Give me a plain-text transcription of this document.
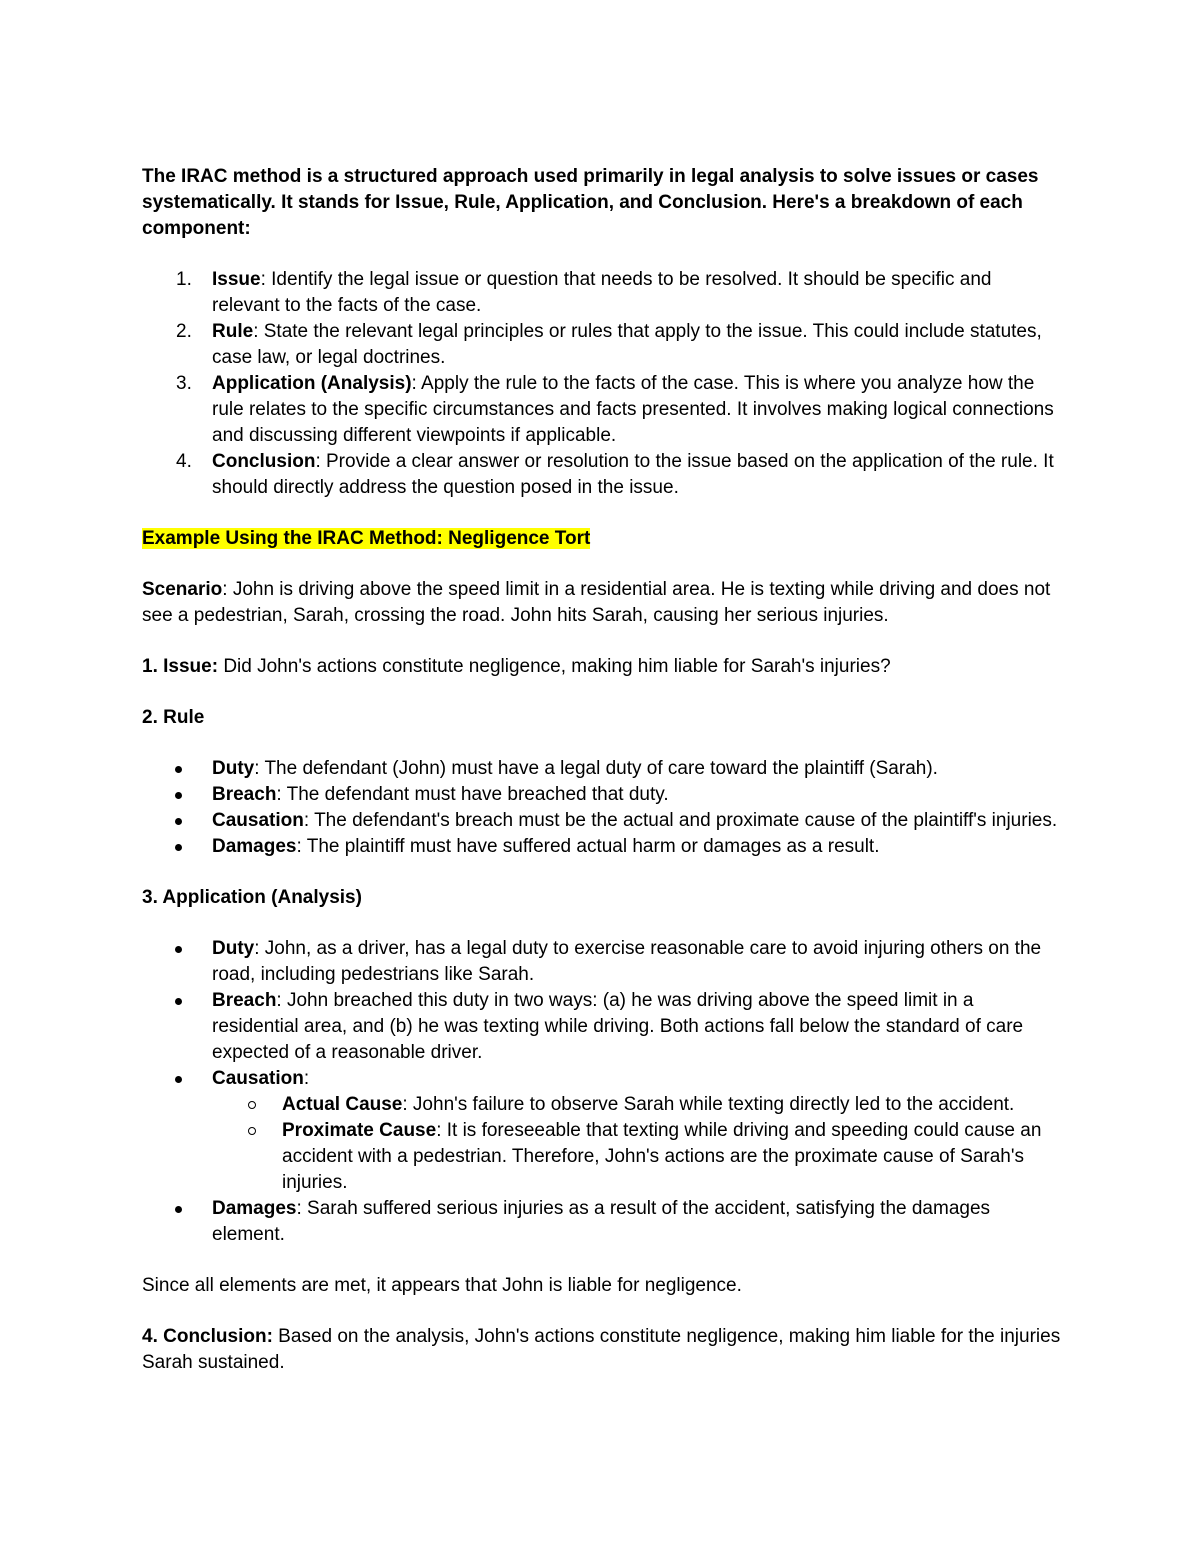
The IRAC method is a structured approach used primarily in legal analysis to solve issues or cases systematically. It stands for Issue, Rule, Application, and Conclusion. Here's a breakdown of each component:

1. Issue: Identify the legal issue or question that needs to be resolved. It should be specific and relevant to the facts of the case.
2. Rule: State the relevant legal principles or rules that apply to the issue. This could include statutes, case law, or legal doctrines.
3. Application (Analysis): Apply the rule to the facts of the case. This is where you analyze how the rule relates to the specific circumstances and facts presented. It involves making logical connections and discussing different viewpoints if applicable.
4. Conclusion: Provide a clear answer or resolution to the issue based on the application of the rule. It should directly address the question posed in the issue.

Example Using the IRAC Method: Negligence Tort

Scenario: John is driving above the speed limit in a residential area. He is texting while driving and does not see a pedestrian, Sarah, crossing the road. John hits Sarah, causing her serious injuries.

1. Issue: Did John's actions constitute negligence, making him liable for Sarah's injuries?

2. Rule

Duty: The defendant (John) must have a legal duty of care toward the plaintiff (Sarah).
Breach: The defendant must have breached that duty.
Causation: The defendant's breach must be the actual and proximate cause of the plaintiff's injuries.
Damages: The plaintiff must have suffered actual harm or damages as a result.

3. Application (Analysis)

Duty: John, as a driver, has a legal duty to exercise reasonable care to avoid injuring others on the road, including pedestrians like Sarah.
Breach: John breached this duty in two ways: (a) he was driving above the speed limit in a residential area, and (b) he was texting while driving. Both actions fall below the standard of care expected of a reasonable driver.
Causation:
Actual Cause: John's failure to observe Sarah while texting directly led to the accident.
Proximate Cause: It is foreseeable that texting while driving and speeding could cause an accident with a pedestrian. Therefore, John's actions are the proximate cause of Sarah's injuries.
Damages: Sarah suffered serious injuries as a result of the accident, satisfying the damages element.

Since all elements are met, it appears that John is liable for negligence.

4. Conclusion: Based on the analysis, John's actions constitute negligence, making him liable for the injuries Sarah sustained.
